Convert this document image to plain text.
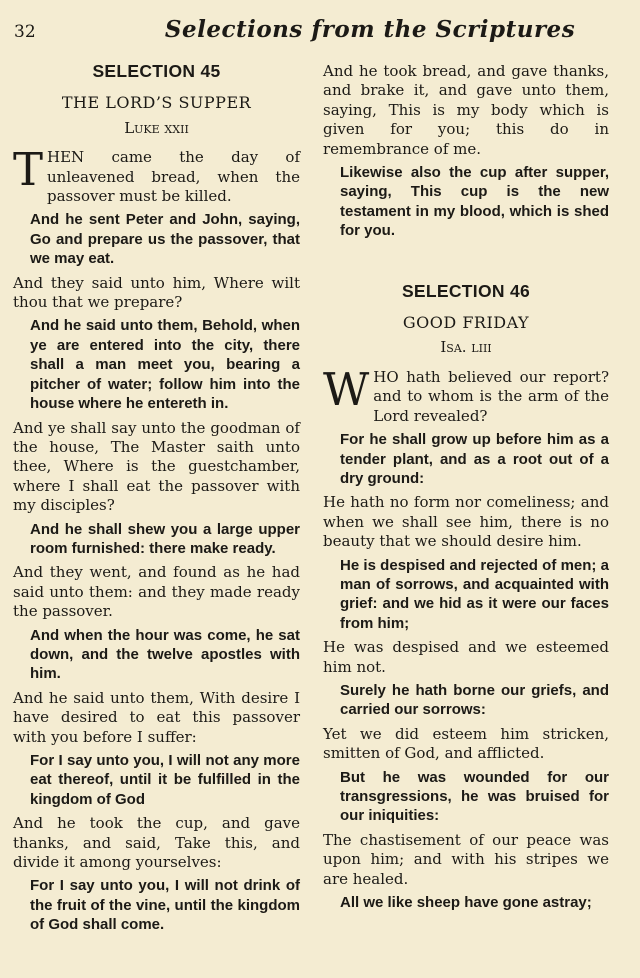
32	Selections from the Scriptures
SELECTION 45
THE LORD’S SUPPER
Luke xxii

THEN came the day of unleavened bread, when the passover must be killed.

And he sent Peter and John, saying, Go and prepare us the passover, that we may eat.

And they said unto him, Where wilt thou that we prepare?

And he said unto them, Behold, when ye are entered into the city, there shall a man meet you, bearing a pitcher of water; follow him into the house where he entereth in.

And ye shall say unto the goodman of the house, The Master saith unto thee, Where is the guestchamber, where I shall eat the passover with my disciples?

And he shall shew you a large upper room furnished: there make ready.

And they went, and found as he had said unto them: and they made ready the passover.

And when the hour was come, he sat down, and the twelve apostles with him.

And he said unto them, With desire I have desired to eat this passover with you before I suffer:

For I say unto you, I will not any more eat thereof, until it be fulfilled in the kingdom of God

And he took the cup, and gave thanks, and said, Take this, and divide it among yourselves:

For I say unto you, I will not drink of the fruit of the vine, until the kingdom of God shall come.

And he took bread, and gave thanks, and brake it, and gave unto them, saying, This is my body which is given for you; this do in remembrance of me.

Likewise also the cup after supper, saying, This cup is the new testament in my blood, which is shed for you.

SELECTION 46
GOOD FRIDAY
Isa. liii

WHO hath believed our report? and to whom is the arm of the Lord revealed?

For he shall grow up before him as a tender plant, and as a root out of a dry ground:

He hath no form nor comeliness; and when we shall see him, there is no beauty that we should desire him.

He is despised and rejected of men; a man of sorrows, and acquainted with grief: and we hid as it were our faces from him;

He was despised and we esteemed him not.

Surely he hath borne our griefs, and carried our sorrows:

Yet we did esteem him stricken, smitten of God, and afflicted.

But he was wounded for our transgressions, he was bruised for our iniquities:

The chastisement of our peace was upon him; and with his stripes we are healed.

All we like sheep have gone astray;
